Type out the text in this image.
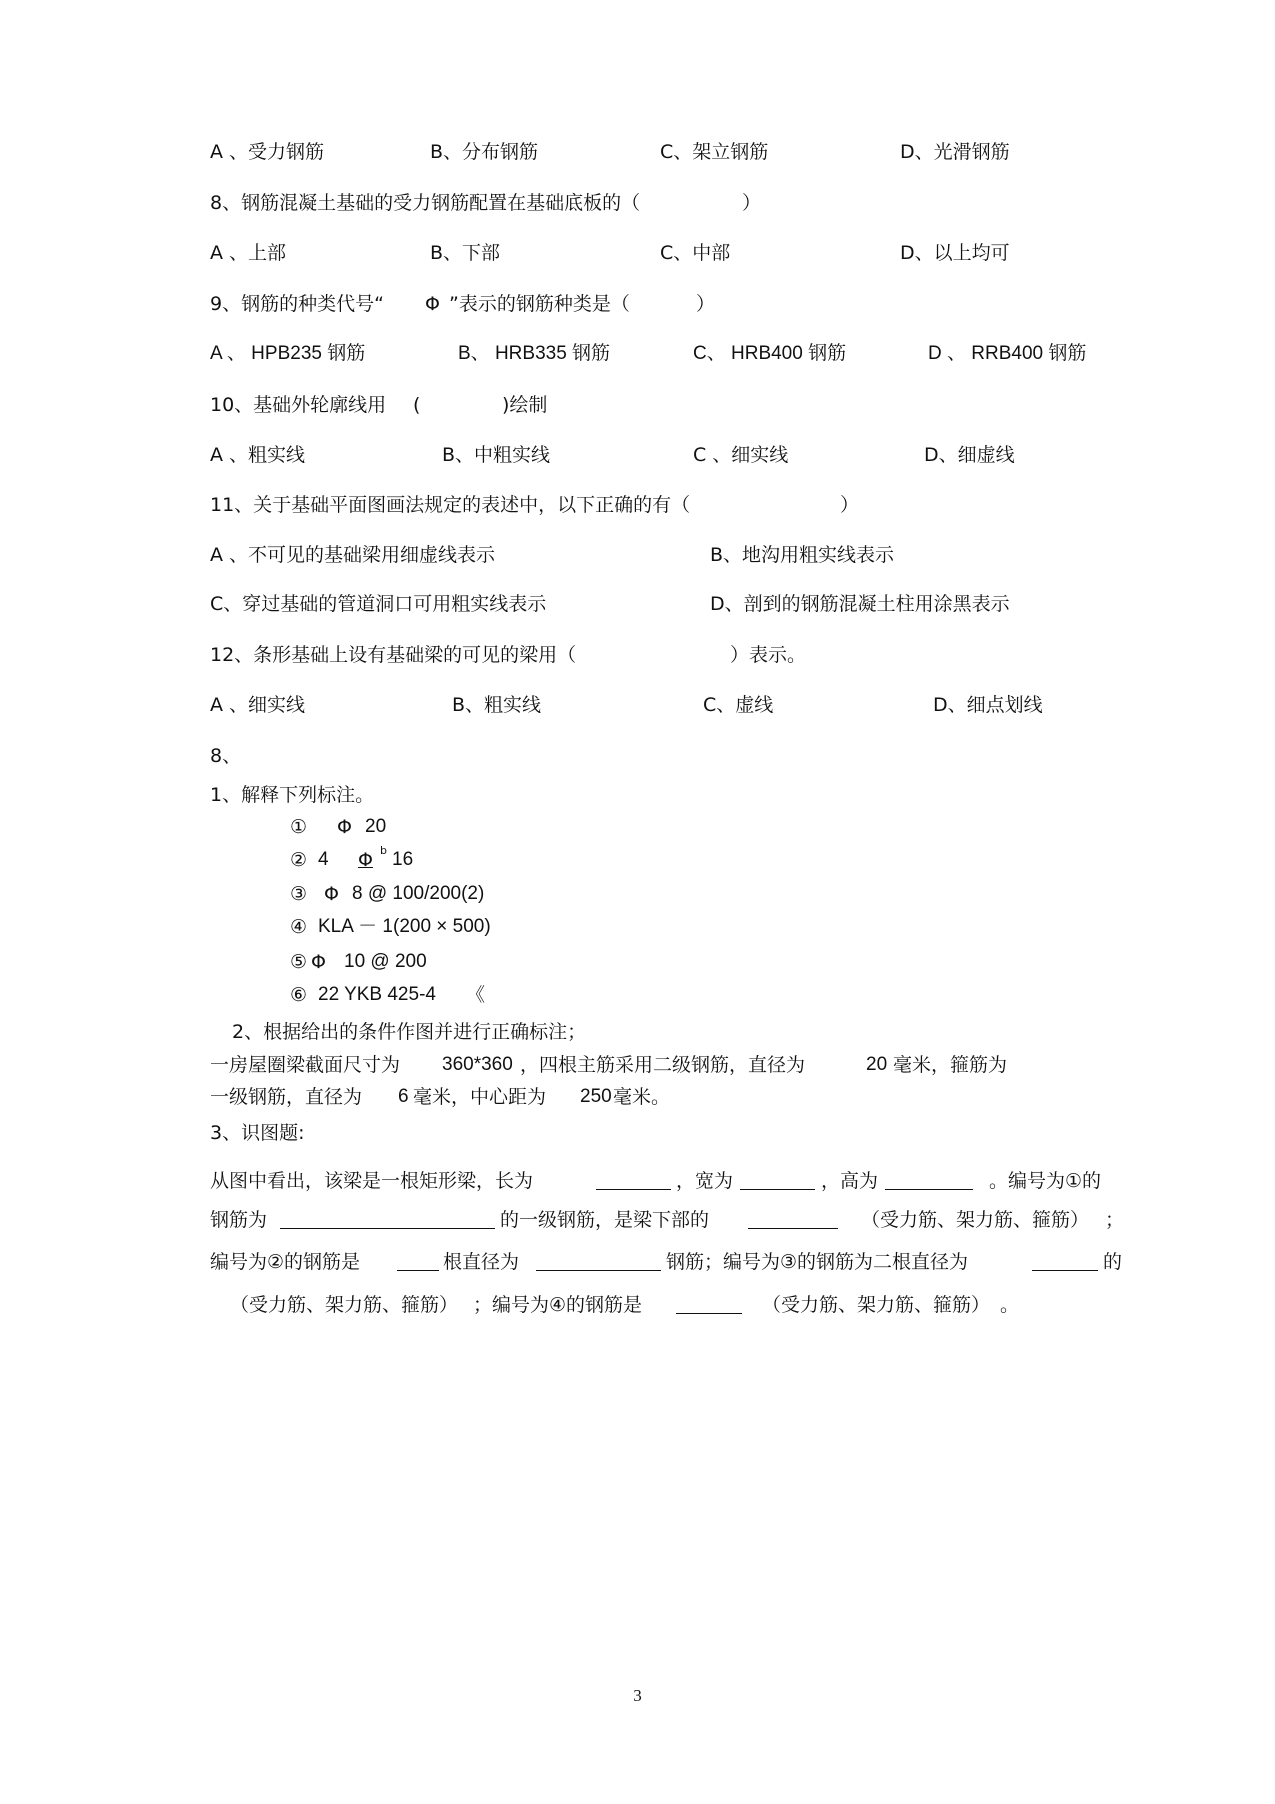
A 、受力钢筋	B、分布钢筋	C、架立钢筋	D、光滑钢筋
8、钢筋混凝土基础的受力钢筋配置在基础底板的（	）
A 、上部	B、下部	C、中部	D、以上均可
9、钢筋的种类代号“ Φ ”表示的钢筋种类是（	）
A 、 HPB235 钢筋	B、 HRB335 钢筋	C、 HRB400 钢筋	D 、 RRB400 钢筋
10、基础外轮廓线用 (	)绘制
A 、粗实线	B、中粗实线	C 、细实线	D、细虚线
11、关于基础平面图画法规定的表述中，以下正确的有（	）
A 、不可见的基础梁用细虚线表示	B、地沟用粗实线表示
C、穿过基础的管道洞口可用粗实线表示	D、剖到的钢筋混凝土柱用涂黑表示
12、条形基础上设有基础梁的可见的梁用（	）表示。
A 、细实线	B、粗实线	C、虚线	D、细点划线
8、
1、解释下列标注。
① Φ 20
② 4 Φ b 16
③ Φ 8 @ 100/200(2)
④ KLA － 1(200 × 500)
⑤ Φ 10 @ 200
⑥ 22 YKB 425-4 《
2、根据给出的条件作图并进行正确标注；
一房屋圈梁截面尺寸为 360*360 ，四根主筋采用二级钢筋，直径为	20 毫米，箍筋为
一级钢筋，直径为 6 毫米，中心距为 250 毫米。
3、识图题:
从图中看出，该梁是一根矩形梁，长为	，宽为	，高为	。编号为①的
钢筋为	的一级钢筋，是梁下部的	（受力筋、架力筋、箍筋） ；
编号为②的钢筋是	根直径为	钢筋；编号为③的钢筋为二根直径为	的
（受力筋、架力筋、箍筋） ；编号为④的钢筋是	（受力筋、架力筋、箍筋） 。
3
